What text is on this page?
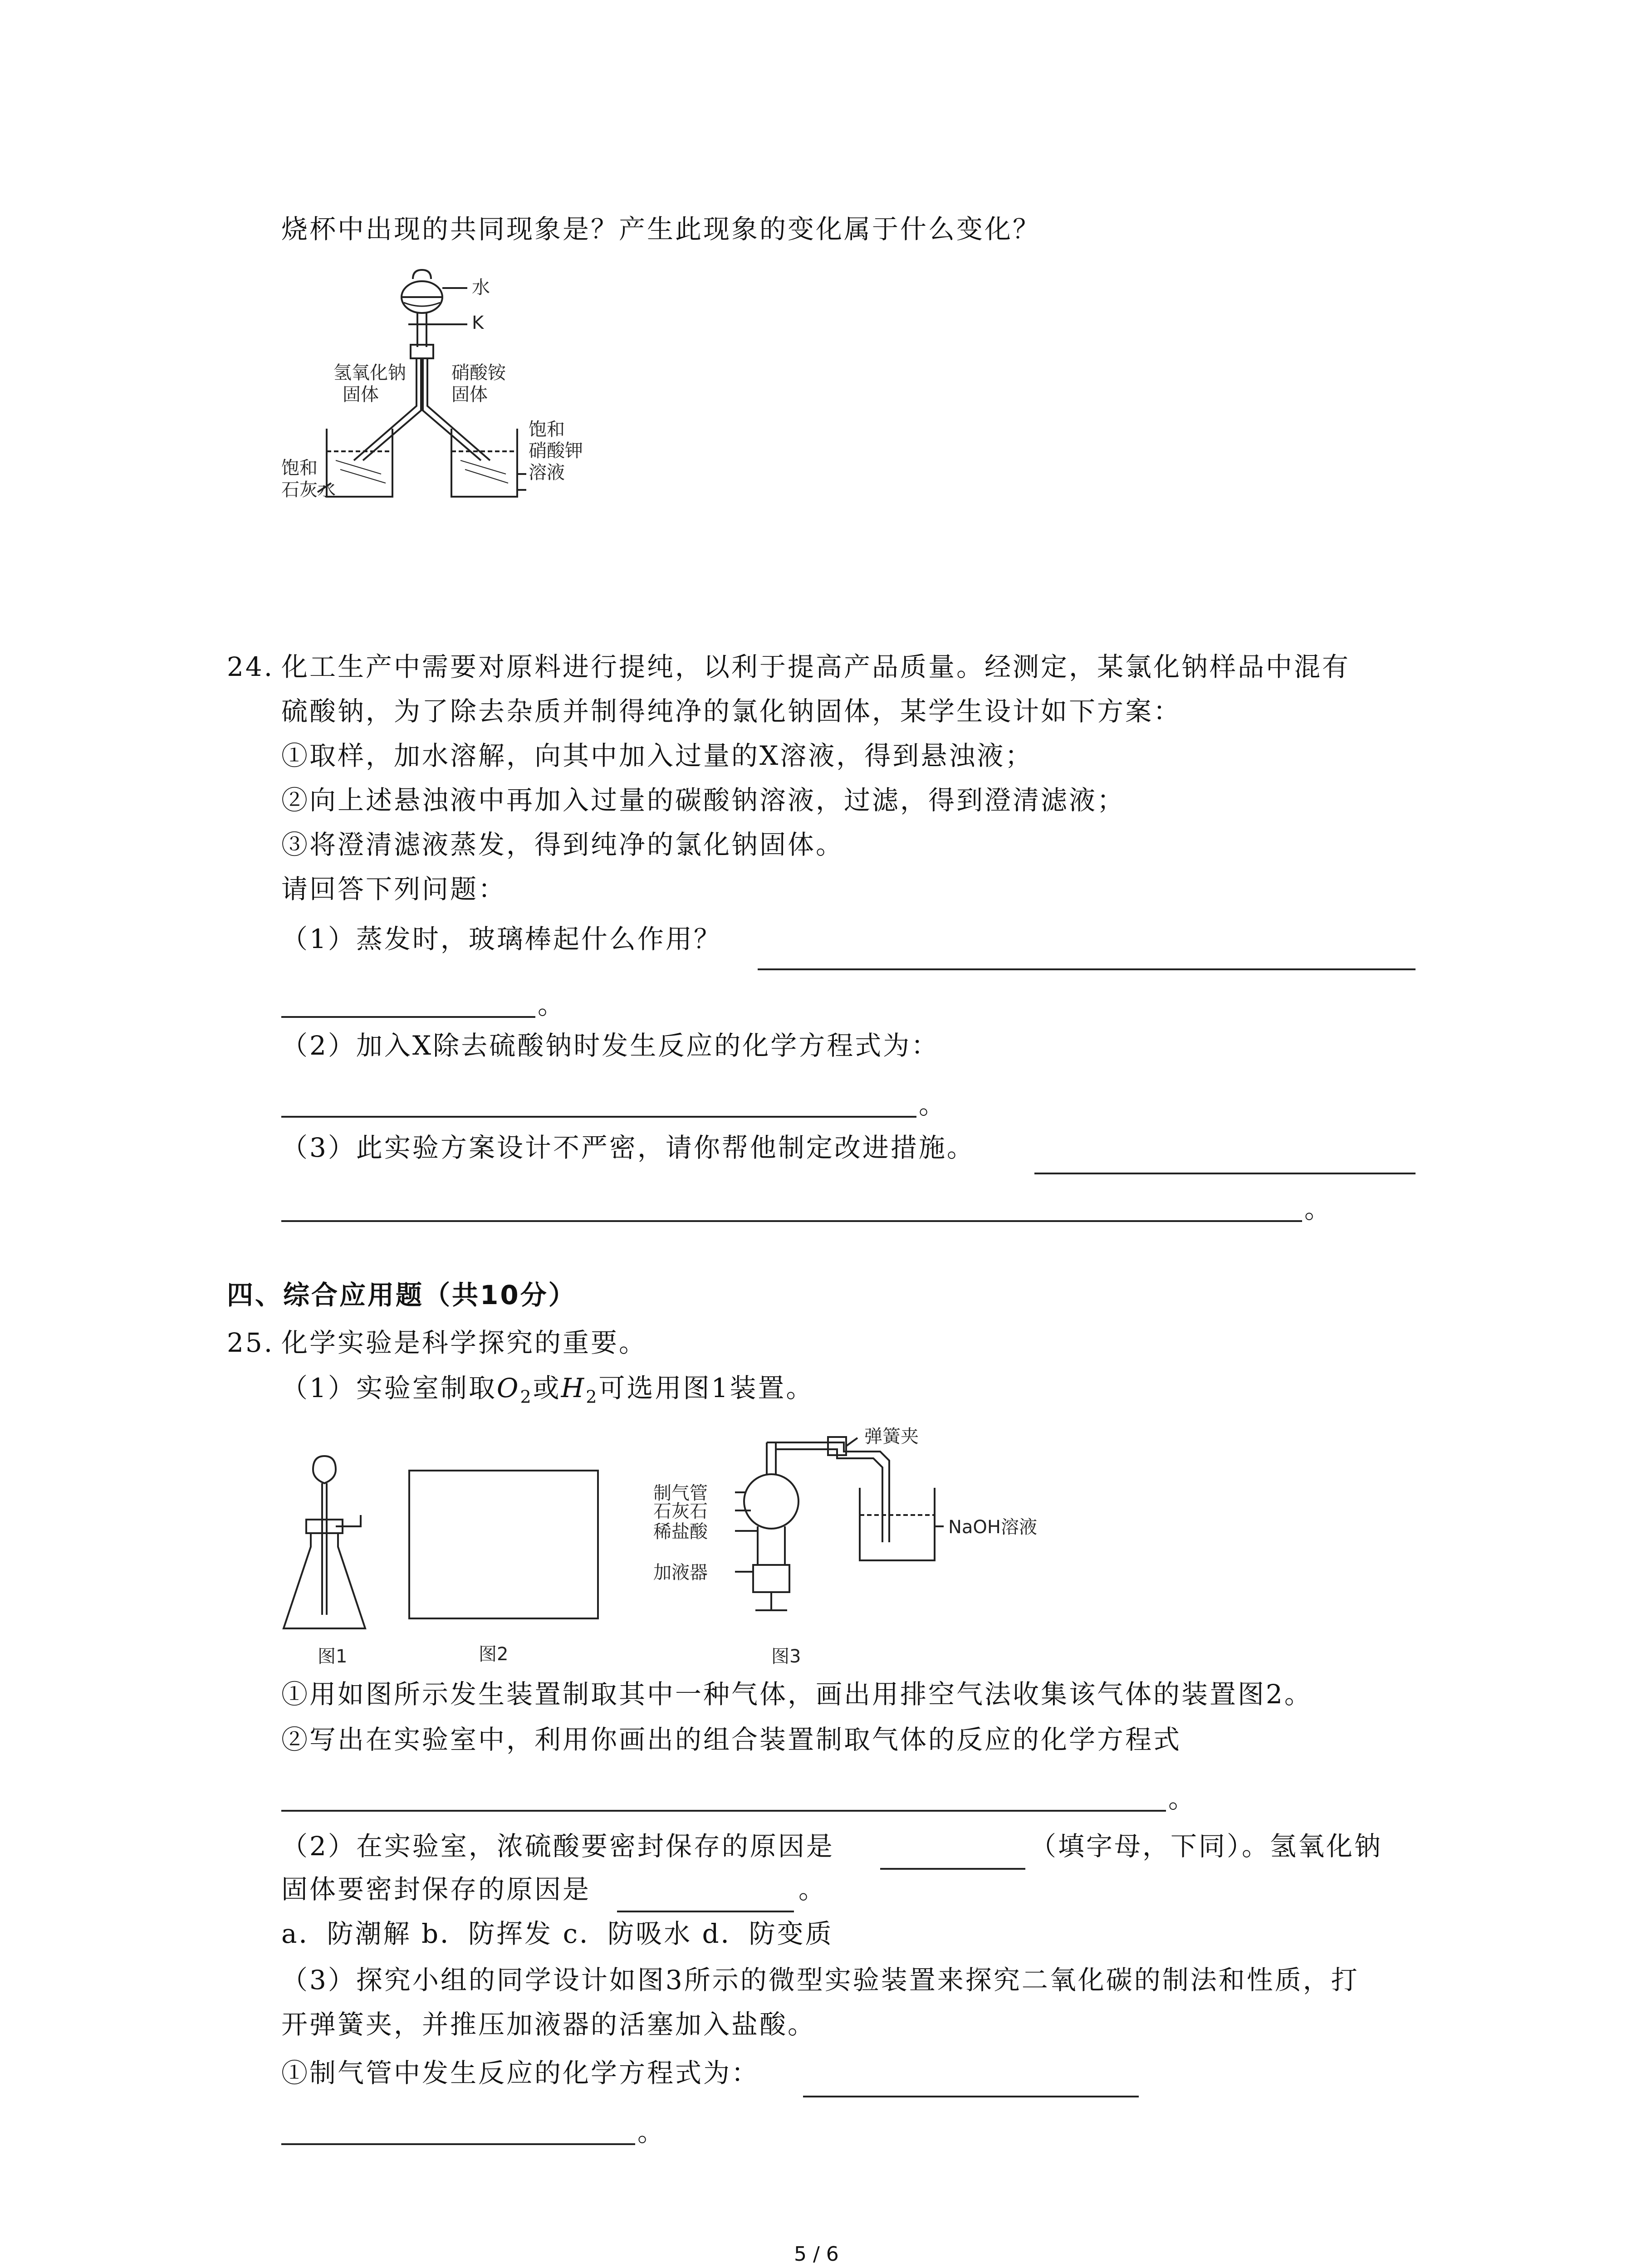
烧杯中出现的共同现象是？产生此现象的变化属于什么变化？
水
K
氢氧化钠
固体
硝酸铵
固体
饱和
硝酸钾
溶液
饱和
石灰水
24. 化工生产中需要对原料进行提纯，以利于提高产品质量。经测定，某氯化钠样品中混有
硫酸钠，为了除去杂质并制得纯净的氯化钠固体，某学生设计如下方案：
①取样，加水溶解，向其中加入过量的X溶液，得到悬浊液；
②向上述悬浊液中再加入过量的碳酸钠溶液，过滤，得到澄清滤液；
③将澄清滤液蒸发，得到纯净的氯化钠固体。
请回答下列问题：
（1）蒸发时，玻璃棒起什么作用？
。
（2）加入X除去硫酸钠时发生反应的化学方程式为：
。
（3）此实验方案设计不严密，请你帮他制定改进措施。
。
四、综合应用题（共10分）
25. 化学实验是科学探究的重要。
（1）实验室制取$O_2$或$H_2$可选用图1装置。
图1	图2
弹簧夹
制气管
石灰石
稀盐酸
加液器
NaOH溶液
图3
①用如图所示发生装置制取其中一种气体，画出用排空气法收集该气体的装置图2。
②写出在实验室中，利用你画出的组合装置制取气体的反应的化学方程式
。
（2）在实验室，浓硫酸要密封保存的原因是	（填字母，下同）。氢氧化钠
固体要密封保存的原因是	。
a．防潮解 b．防挥发 c．防吸水 d．防变质
（3）探究小组的同学设计如图3所示的微型实验装置来探究二氧化碳的制法和性质，打
开弹簧夹，并推压加液器的活塞加入盐酸。
①制气管中发生反应的化学方程式为：
。
5 / 6
